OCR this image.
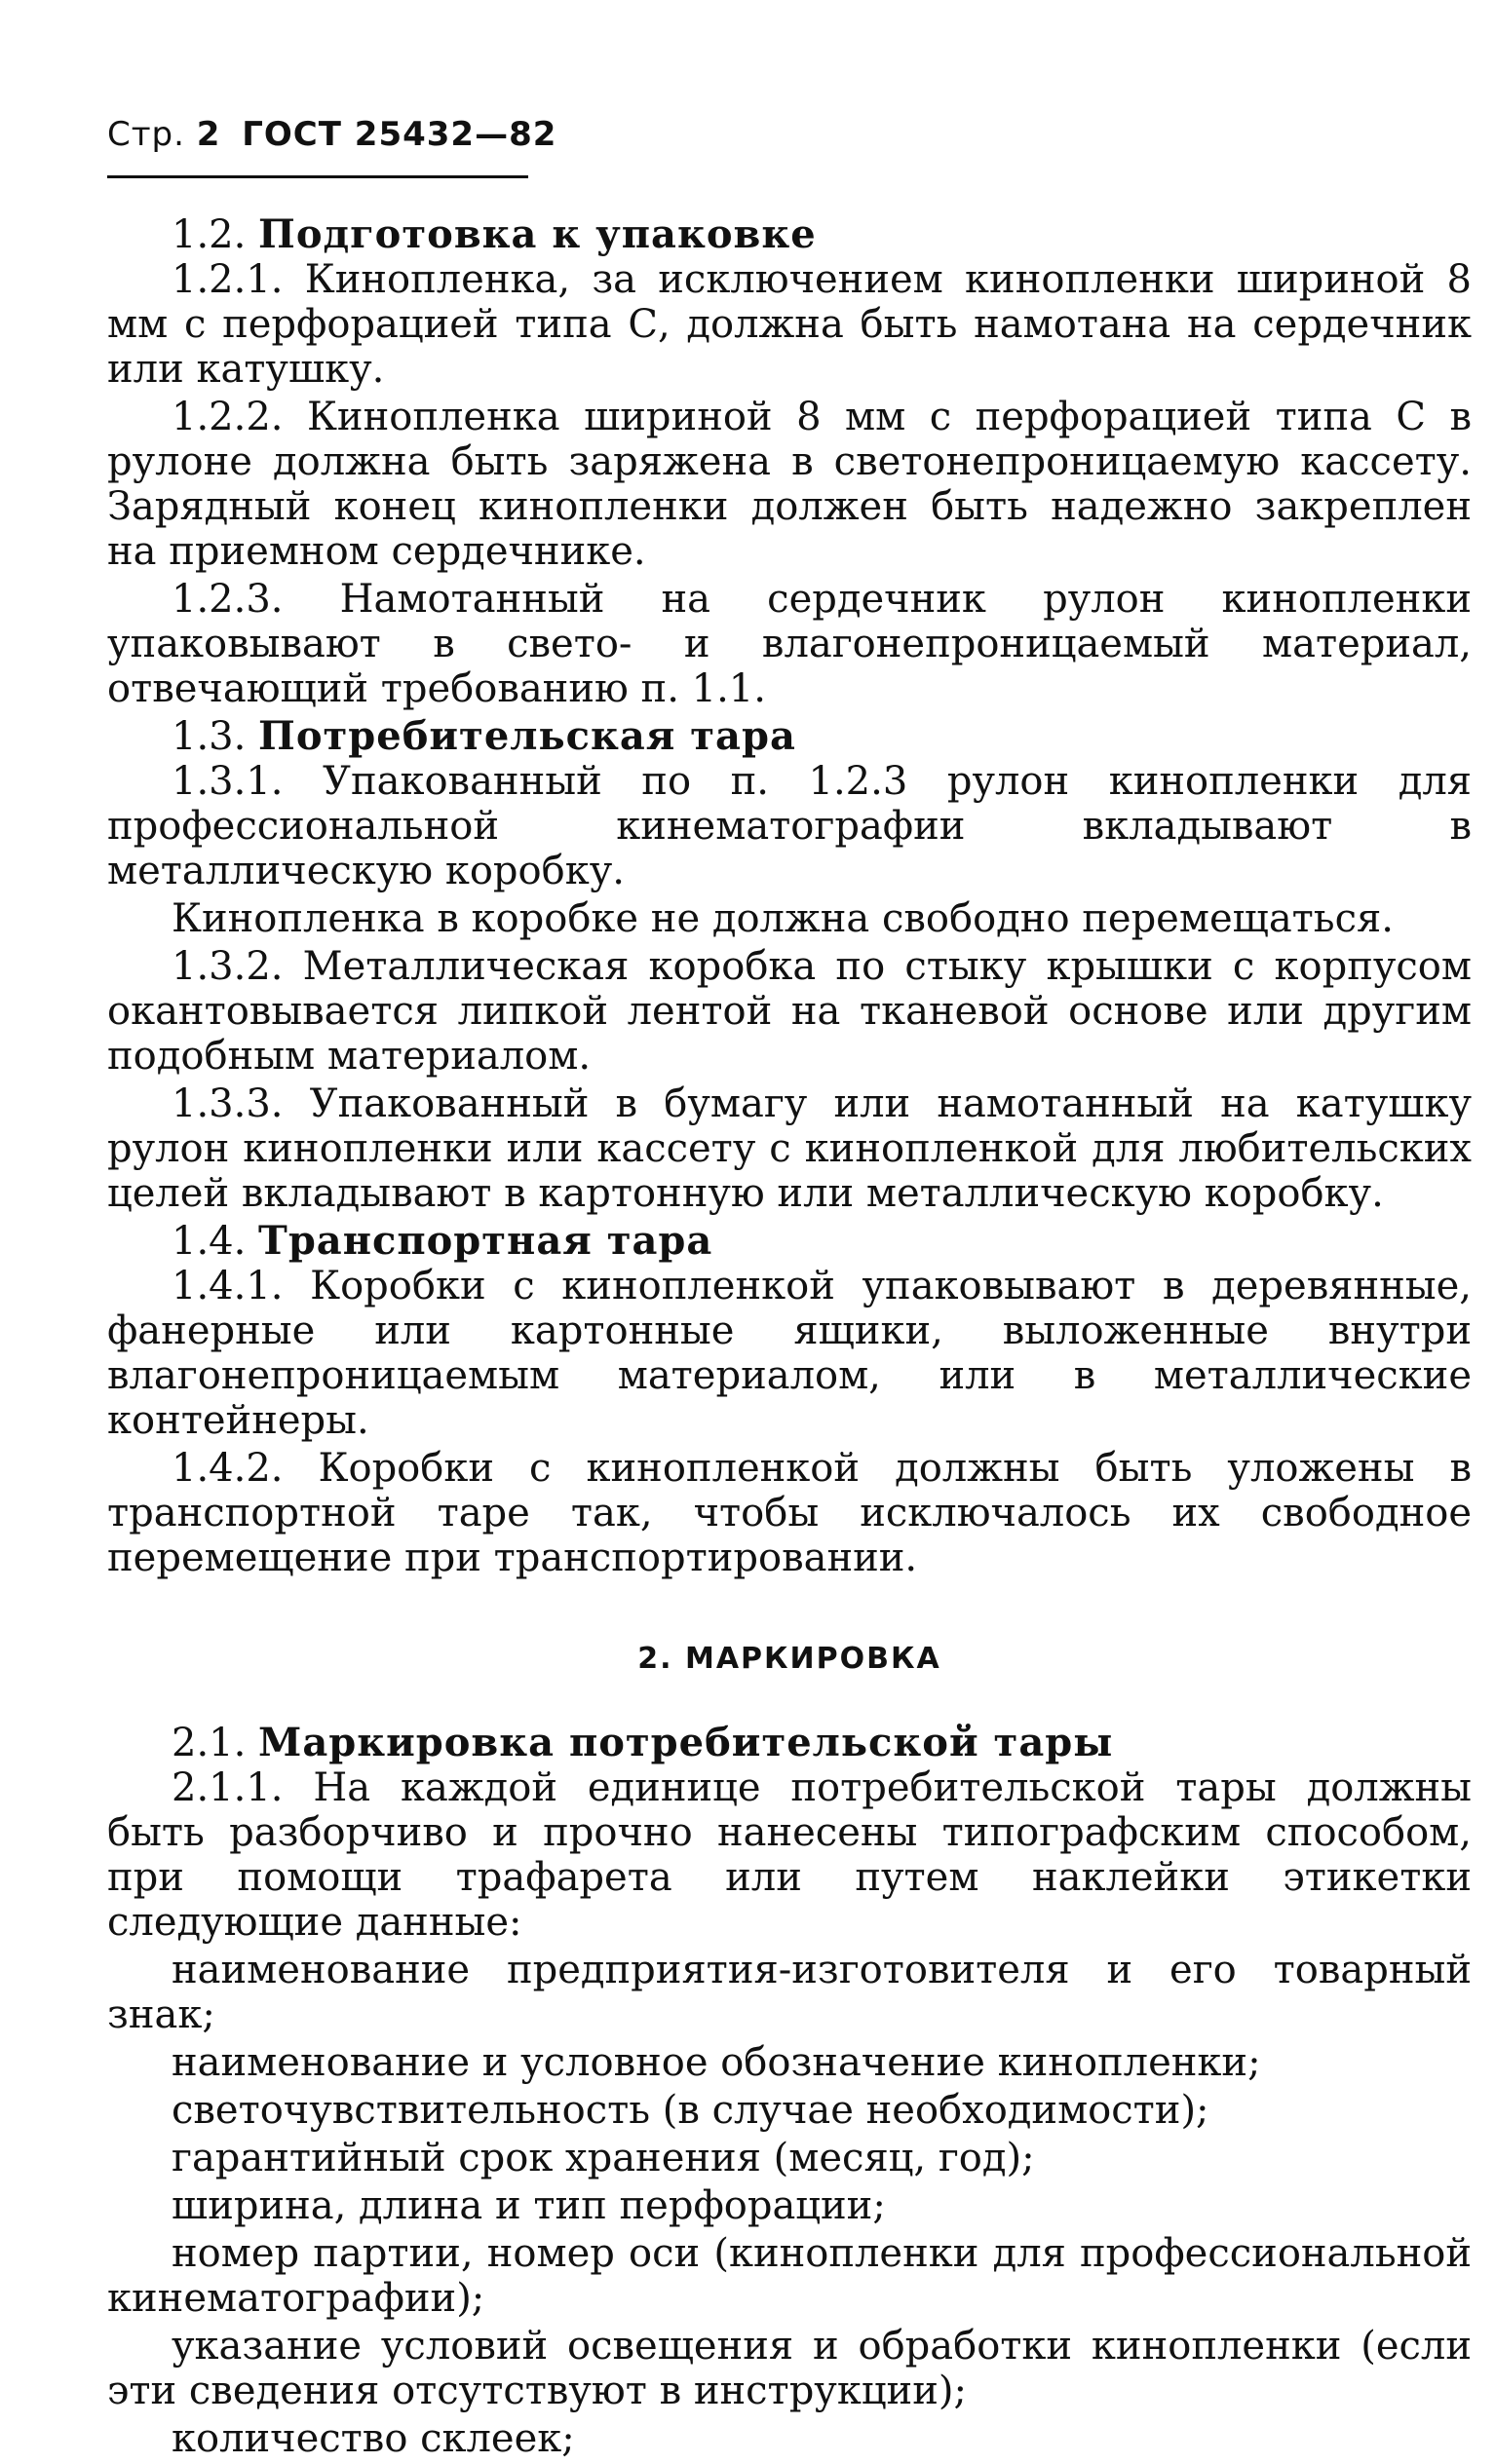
Стр. 2 ГОСТ 25432—82

1.2. Подготовка к упаковке

1.2.1. Кинопленка, за исключением кинопленки шириной 8 мм с перфорацией типа С, должна быть намотана на сердечник или катушку.

1.2.2. Кинопленка шириной 8 мм с перфорацией типа С в рулоне должна быть заряжена в светонепроницаемую кассету. Зарядный конец кинопленки должен быть надежно закреплен на приемном сердечнике.

1.2.3. Намотанный на сердечник рулон кинопленки упаковывают в свето- и влагонепроницаемый материал, отвечающий требованию п. 1.1.

1.3. Потребительская тара

1.3.1. Упакованный по п. 1.2.3 рулон кинопленки для профессиональной кинематографии вкладывают в металлическую коробку.

Кинопленка в коробке не должна свободно перемещаться.

1.3.2. Металлическая коробка по стыку крышки с корпусом окантовывается липкой лентой на тканевой основе или другим подобным материалом.

1.3.3. Упакованный в бумагу или намотанный на катушку рулон кинопленки или кассету с кинопленкой для любительских целей вкладывают в картонную или металлическую коробку.

1.4. Транспортная тара

1.4.1. Коробки с кинопленкой упаковывают в деревянные, фанерные или картонные ящики, выложенные внутри влагонепроницаемым материалом, или в металлические контейнеры.

1.4.2. Коробки с кинопленкой должны быть уложены в транспортной таре так, чтобы исключалось их свободное перемещение при транспортировании.

2. МАРКИРОВКА

2.1. Маркировка потребительской тары

2.1.1. На каждой единице потребительской тары должны быть разборчиво и прочно нанесены типографским способом, при помощи трафарета или путем наклейки этикетки следующие данные:

наименование предприятия-изготовителя и его товарный знак;

наименование и условное обозначение кинопленки;

светочувствительность (в случае необходимости);

гарантийный срок хранения (месяц, год);

ширина, длина и тип перфорации;

номер партии, номер оси (кинопленки для профессиональной кинематографии);

указание условий освещения и обработки кинопленки (если эти сведения отсутствуют в инструкции);

количество склеек;
